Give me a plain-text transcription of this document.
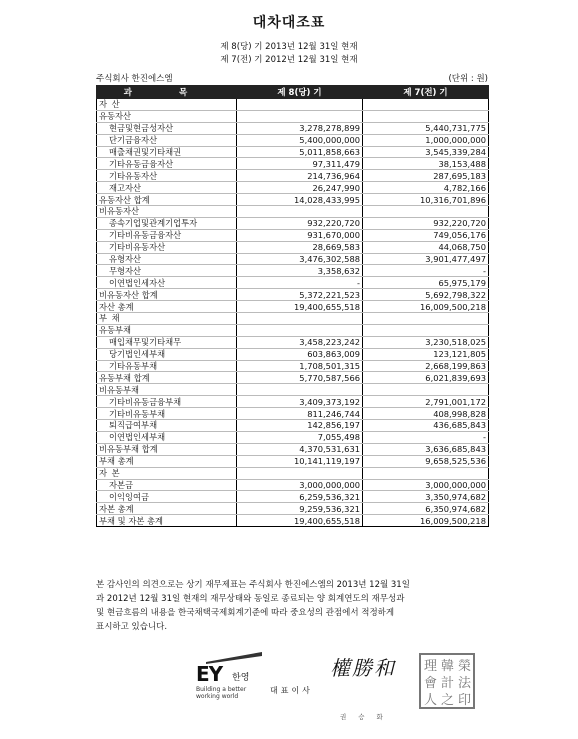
대차대조표
제 8(당) 기 2013년 12월 31일 현재
제 7(전) 기 2012년 12월 31일 현재
주식회사 한진에스엠	(단위 : 원)
과 목	제 8(당) 기	제 7(전) 기
자 산		
유동자산		
현금및현금성자산	3,278,278,899	5,440,731,775
단기금융자산	5,400,000,000	1,000,000,000
매출채권및기타채권	5,011,858,663	3,545,339,284
기타유동금융자산	97,311,479	38,153,488
기타유동자산	214,736,964	287,695,183
재고자산	26,247,990	4,782,166
유동자산 합계	14,028,433,995	10,316,701,896
비유동자산		
종속기업및관계기업투자	932,220,720	932,220,720
기타비유동금융자산	931,670,000	749,056,176
기타비유동자산	28,669,583	44,068,750
유형자산	3,476,302,588	3,901,477,497
무형자산	3,358,632	-
이연법인세자산	-	65,975,179
비유동자산 합계	5,372,221,523	5,692,798,322
자산 총계	19,400,655,518	16,009,500,218
부 채		
유동부채		
매입채무및기타채무	3,458,223,242	3,230,518,025
당기법인세부채	603,863,009	123,121,805
기타유동부채	1,708,501,315	2,668,199,863
유동부채 합계	5,770,587,566	6,021,839,693
비유동부채		
기타비유동금융부채	3,409,373,192	2,791,001,172
기타비유동부채	811,246,744	408,998,828
퇴직급여부채	142,856,197	436,685,843
이연법인세부채	7,055,498	-
비유동부채 합계	4,370,531,631	3,636,685,843
부채 총계	10,141,119,197	9,658,525,536
자 본		
자본금	3,000,000,000	3,000,000,000
이익잉여금	6,259,536,321	3,350,974,682
자본 총계	9,259,536,321	6,350,974,682
부채 및 자본 총계	19,400,655,518	16,009,500,218
본 감사인의 의견으로는 상기 재무제표는 주식회사 한진에스엠의 2013년 12월 31일
과 2012년 12월 31일 현재의 재무상태와 동일로 종료되는 양 회계연도의 재무성과
및 현금흐름의 내용을 한국채택국제회계기준에 따라 중요성의 관점에서 적정하게
표시하고 있습니다.
EY 한영
Building a better
working world
대표이사
權勝和
권승화
理 韓 榮
會 計 法
人 之 印
